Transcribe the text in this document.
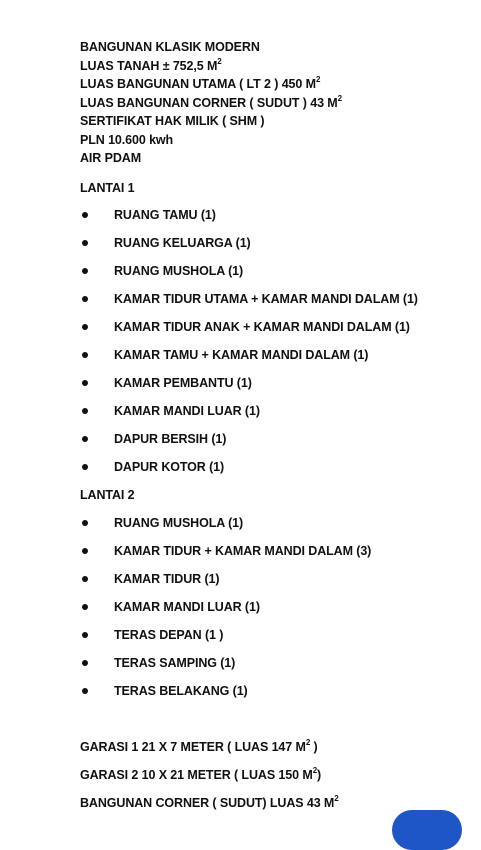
BANGUNAN KLASIK MODERN
LUAS TANAH ± 752,5 $M^2$
LUAS BANGUNAN UTAMA ( LT 2 ) 450 $M^2$
LUAS BANGUNAN CORNER ( SUDUT ) 43 $M^2$
SERTIFIKAT HAK MILIK ( SHM )
PLN 10.600 kwh
AIR PDAM
LANTAI 1
RUANG TAMU (1)
RUANG KELUARGA (1)
RUANG MUSHOLA (1)
KAMAR TIDUR UTAMA + KAMAR MANDI DALAM (1)
KAMAR TIDUR ANAK + KAMAR MANDI DALAM (1)
KAMAR TAMU + KAMAR MANDI DALAM (1)
KAMAR PEMBANTU (1)
KAMAR MANDI LUAR (1)
DAPUR BERSIH (1)
DAPUR KOTOR (1)
LANTAI 2
RUANG MUSHOLA (1)
KAMAR TIDUR + KAMAR MANDI DALAM (3)
KAMAR TIDUR (1)
KAMAR MANDI LUAR (1)
TERAS DEPAN (1 )
TERAS SAMPING (1)
TERAS BELAKANG (1)
GARASI 1 21 X 7 METER ( LUAS 147 $M^2$ )
GARASI 2 10 X 21 METER ( LUAS 150 $M^2$)
BANGUNAN CORNER ( SUDUT) LUAS 43 $M^2$
